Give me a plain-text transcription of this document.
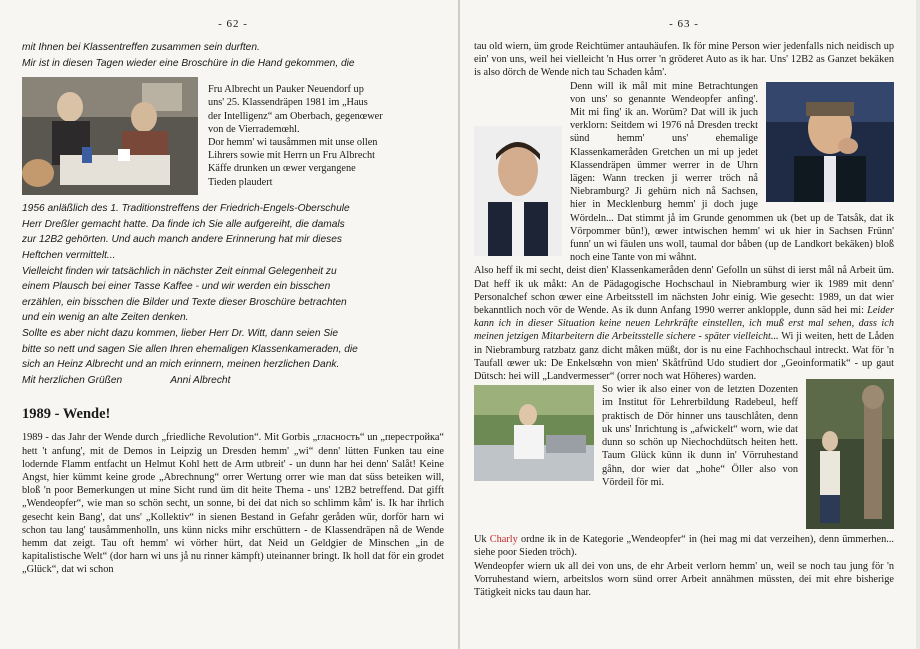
- 62 -

mit Ihnen bei Klassentreffen zusammen sein durften.

Mir ist in diesen Tagen wieder eine Broschüre in die Hand gekommen, die

Fru Albrecht un Pauker Neuendorf up
uns' 25. Klassendräpen 1981 im „Haus
der Intelligenz“ am Oberbach, gegenœwer
von de Vierrademœhl.
Dor hemm' wi tausåmmen mit unse ollen
Lihrers sowie mit Herrn un Fru Albrecht
Käffe drunken un œwer vergangene
Tieden plaudert

1956 anläßlich des 1. Traditionstreffens der Friedrich-Engels-Oberschule

Herr Dreßler gemacht hatte. Da finde ich Sie alle aufgereiht, die damals

zur 12B2 gehörten. Und auch manch andere Erinnerung hat mir dieses

Heftchen vermittelt...

Vielleicht finden wir tatsächlich in nächster Zeit einmal Gelegenheit zu

einem Plausch bei einer Tasse Kaffee - und wir werden ein bisschen

erzählen, ein bisschen die Bilder und Texte dieser Broschüre betrachten

und ein wenig an alte Zeiten denken.

Sollte es aber nicht dazu kommen, lieber Herr Dr. Witt, dann seien Sie

bitte so nett und sagen Sie allen Ihren ehemaligen Klassenkameraden, die

sich an Heinz Albrecht und an mich erinnern, meinen herzlichen Dank.

Mit herzlichen Grüßen	Anni Albrecht

1989 - Wende!

1989 - das Jahr der Wende durch „friedliche Revolution“. Mit Gorbis „гласность“ un „перестройка“ hett 't anfung', mit de Demos in Leipzig un Dresden hemm' „wi“ denn' lütten Funken tau eine lodernde Flamm entfacht un Helmut Kohl hett de Arm utbreit' - un dunn har hei denn' Salåt! Keine Angst, hier kümmt keine grode „Abrechnung“ orrer Wertung orrer wie man dat süss beteiken will, bloß 'n poor Bemerkungen ut mine Sicht rund üm dit heite Thema - uns' 12B2 betreffend. Dat gifft „Wendeopfer“, wie man so schön secht, un sonne, bi dei dat nich so schlimm kåm' is. Ik har ihrlich gesecht kein Bang', dat uns' „Kollektiv“ in sienen Bestand in Gefahr geråden wür, dorför harn wi schon tau lang' tausåmmenholln, uns künn nicks mihr erschüttern - de Klassendräpen nå de Wende hemm dat zeigt. Tau oft hemm' wi vörher hürt, dat Neid un Geldgier de Minschen „in de kapitalistische Welt“ (dor harn wi uns jå nu rinner kämpft) uteinanner bringt. Ik holl dat för ein grodet „Glück“, dat wi schon

- 63 -

tau old wiern, üm grode Reichtümer antauhäufen. Ik för mine Person wier jedenfalls nich neidisch up ein' von uns, weil hei vielleicht 'n Hus orrer 'n gröderet Auto as ik har. Uns' 12B2 as Ganzet bekäken is also dörch de Wende nich tau Schaden kåm'.

Denn will ik mål mit mine Betrachtungen von uns' so genannte Wendeopfer anfing'. Mit mi fing' ik an. Worüm? Dat will ik juch verklorn: Seitdem wi 1976 nå Dresden treckt sünd hemm' uns' ehemalige Klassenkameråden Gretchen un mi up jedet Klassendräpen ümmer werrer in de Uhrn lägen: Wann trecken ji werrer tröch nå Niebramburg? Ji gehürn nich nå Sachsen, hier in Mecklenburg hemm' ji doch juge Wördeln... Dat stimmt jå im Grunde genommen uk (bet up de Tatsåk, dat ik Vörpommer bün!), œwer intwischen hemm' wi uk hier in Sachsen Frünn' funn' un wi fäulen uns woll, taumal dor båben (up de Landkort bekäken) bloß noch eine Tante von mi wåhnt.

Also heff ik mi secht, deist dien' Klassenkameråden denn' Gefolln un sühst di ierst mål nå Arbeit üm. Dat heff ik uk måkt: An de Pädagogische Hochschaul in Niebramburg wier ik 1989 mit denn' Personalchef schon œwer eine Arbeitsstell im nächsten Johr einig. Wie gesecht: 1989, un dat wier bekanntlich noch vör de Wende. As ik dunn Anfang 1990 werrer anklopple, dunn säd hei mi: Leider kann ich in dieser Situation keine neuen Lehrkräfte einstellen, ich muß erst mal sehen, dass ich meinen jetzigen Mitarbeitern die Arbeitsstelle sichere - später vielleicht... Wi ji weiten, hett de Låden in Niebramburg ratzbatz ganz dicht måken müßt, dor is nu eine Fachhochschaul intreckt. Wat för 'n Taufall œwer uk: De Enkelsœhn von mien' Skåtfründ Udo studiert dor „Geoinformatik“ - up gaut Dütsch: hei will „Landvermesser“ (orrer noch wat Höheres) warden.

So wier ik also einer von de letzten Dozenten im Institut för Lehrerbildung Radebeul, heff praktisch de Dör hinner uns tauschlåten, denn uk uns' Inrichtung is „afwickelt“ worn, wie dat dunn so schön up Niechochdütsch heiten hett. Taum Glück künn ik dunn in' Vörruhestand gåhn, dor wier dat „hohe“ Öller also von Vördeil för mi.

Uk Charly ordne ik in de Kategorie „Wendeopfer“ in (hei mag mi dat verzeihen), denn ümmerhen... siehe poor Sieden tröch).

Wendeopfer wiern uk all dei von uns, de ehr Arbeit verlorn hemm' un, weil se noch tau jung för 'n Vorruhestand wiern, arbeitslos worn sünd orrer Arbeit annähmen müssten, dei mit ehre bisherige Tätigkeit nicks tau daun har.
